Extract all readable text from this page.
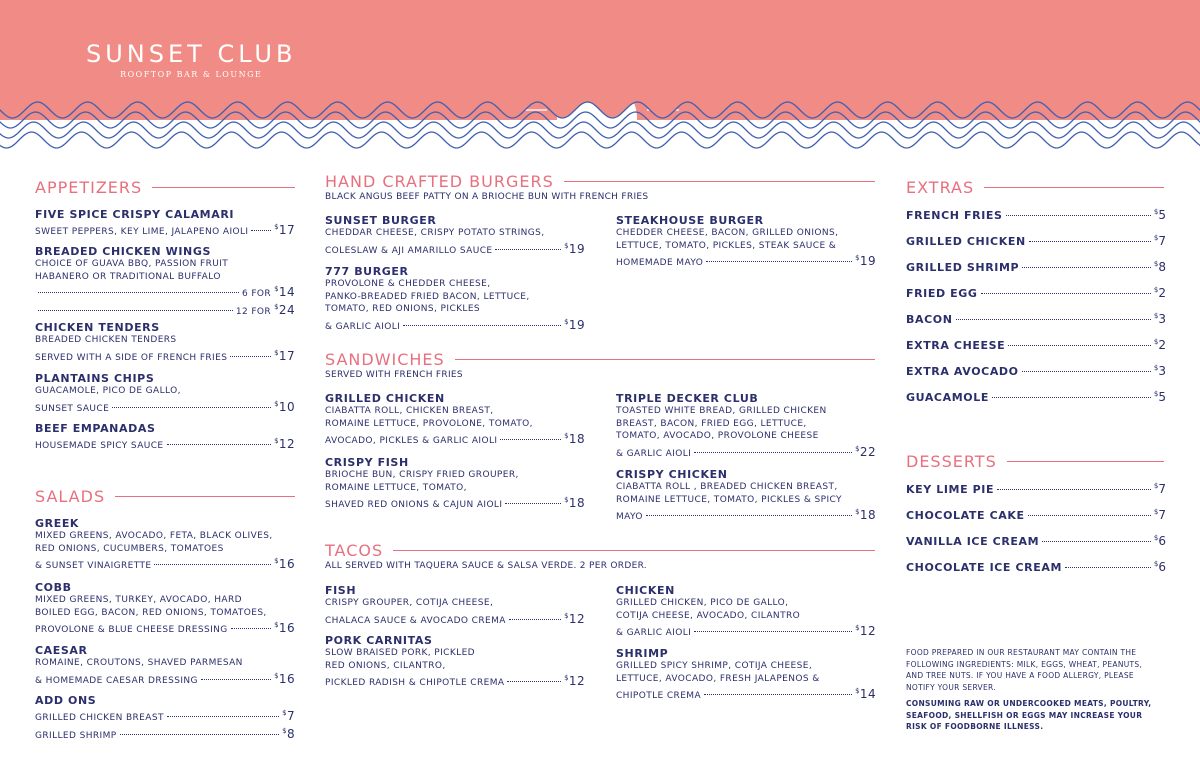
SUNSET CLUB
ROOFTOP BAR & LOUNGE
APPETIZERS
FIVE SPICE CRISPY CALAMARI
SWEET PEPPERS, KEY LIME, JALAPENO AIOLI	$17
BREADED CHICKEN WINGS
CHOICE OF GUAVA BBQ, PASSION FRUIT
HABANERO OR TRADITIONAL BUFFALO
6 FOR $14
12 FOR $24
CHICKEN TENDERS
BREADED CHICKEN TENDERS
SERVED WITH A SIDE OF FRENCH FRIES	$17
PLANTAINS CHIPS
GUACAMOLE, PICO DE GALLO,
SUNSET SAUCE	$10
BEEF EMPANADAS
HOUSEMADE SPICY SAUCE	$12
SALADS
GREEK
MIXED GREENS, AVOCADO, FETA, BLACK OLIVES,
RED ONIONS, CUCUMBERS, TOMATOES
& SUNSET VINAIGRETTE	$16
COBB
MIXED GREENS, TURKEY, AVOCADO, HARD
BOILED EGG, BACON, RED ONIONS, TOMATOES,
PROVOLONE & BLUE CHEESE DRESSING	$16
CAESAR
ROMAINE, CROUTONS, SHAVED PARMESAN
& HOMEMADE CAESAR DRESSING	$16
ADD ONS
GRILLED CHICKEN BREAST	$7
GRILLED SHRIMP	$8
HAND CRAFTED BURGERS
BLACK ANGUS BEEF PATTY ON A BRIOCHE BUN WITH FRENCH FRIES
SUNSET BURGER
CHEDDAR CHEESE, CRISPY POTATO STRINGS,
COLESLAW & AJI AMARILLO SAUCE	$19
777 BURGER
PROVOLONE & CHEDDER CHEESE,
PANKO-BREADED FRIED BACON, LETTUCE,
TOMATO, RED ONIONS, PICKLES
& GARLIC AIOLI	$19
STEAKHOUSE BURGER
CHEDDER CHEESE, BACON, GRILLED ONIONS,
LETTUCE, TOMATO, PICKLES, STEAK SAUCE &
HOMEMADE MAYO	$19
SANDWICHES
SERVED WITH FRENCH FRIES
GRILLED CHICKEN
CIABATTA ROLL, CHICKEN BREAST,
ROMAINE LETTUCE, PROVOLONE, TOMATO,
AVOCADO, PICKLES & GARLIC AIOLI	$18
CRISPY FISH
BRIOCHE BUN, CRISPY FRIED GROUPER,
ROMAINE LETTUCE, TOMATO,
SHAVED RED ONIONS & CAJUN AIOLI	$18
TRIPLE DECKER CLUB
TOASTED WHITE BREAD, GRILLED CHICKEN
BREAST, BACON, FRIED EGG, LETTUCE,
TOMATO, AVOCADO, PROVOLONE CHEESE
& GARLIC AIOLI	$22
CRISPY CHICKEN
CIABATTA ROLL , BREADED CHICKEN BREAST,
ROMAINE LETTUCE, TOMATO, PICKLES & SPICY
MAYO	$18
TACOS
ALL SERVED WITH TAQUERA SAUCE & SALSA VERDE. 2 PER ORDER.
FISH
CRISPY GROUPER, COTIJA CHEESE,
CHALACA SAUCE & AVOCADO CREMA	$12
PORK CARNITAS
SLOW BRAISED PORK, PICKLED
RED ONIONS, CILANTRO,
PICKLED RADISH & CHIPOTLE CREMA	$12
CHICKEN
GRILLED CHICKEN, PICO DE GALLO,
COTIJA CHEESE, AVOCADO, CILANTRO
& GARLIC AIOLI	$12
SHRIMP
GRILLED SPICY SHRIMP, COTIJA CHEESE,
LETTUCE, AVOCADO, FRESH JALAPENOS &
CHIPOTLE CREMA	$14
EXTRAS
FRENCH FRIES	$5
GRILLED CHICKEN	$7
GRILLED SHRIMP	$8
FRIED EGG	$2
BACON	$3
EXTRA CHEESE	$2
EXTRA AVOCADO	$3
GUACAMOLE	$5
DESSERTS
KEY LIME PIE	$7
CHOCOLATE CAKE	$7
VANILLA ICE CREAM	$6
CHOCOLATE ICE CREAM	$6
FOOD PREPARED IN OUR RESTAURANT MAY CONTAIN THE FOLLOWING INGREDIENTS: MILK, EGGS, WHEAT, PEANUTS, AND TREE NUTS. IF YOU HAVE A FOOD ALLERGY, PLEASE NOTIFY YOUR SERVER.
CONSUMING RAW OR UNDERCOOKED MEATS, POULTRY, SEAFOOD, SHELLFISH OR EGGS MAY INCREASE YOUR RISK OF FOODBORNE ILLNESS.
